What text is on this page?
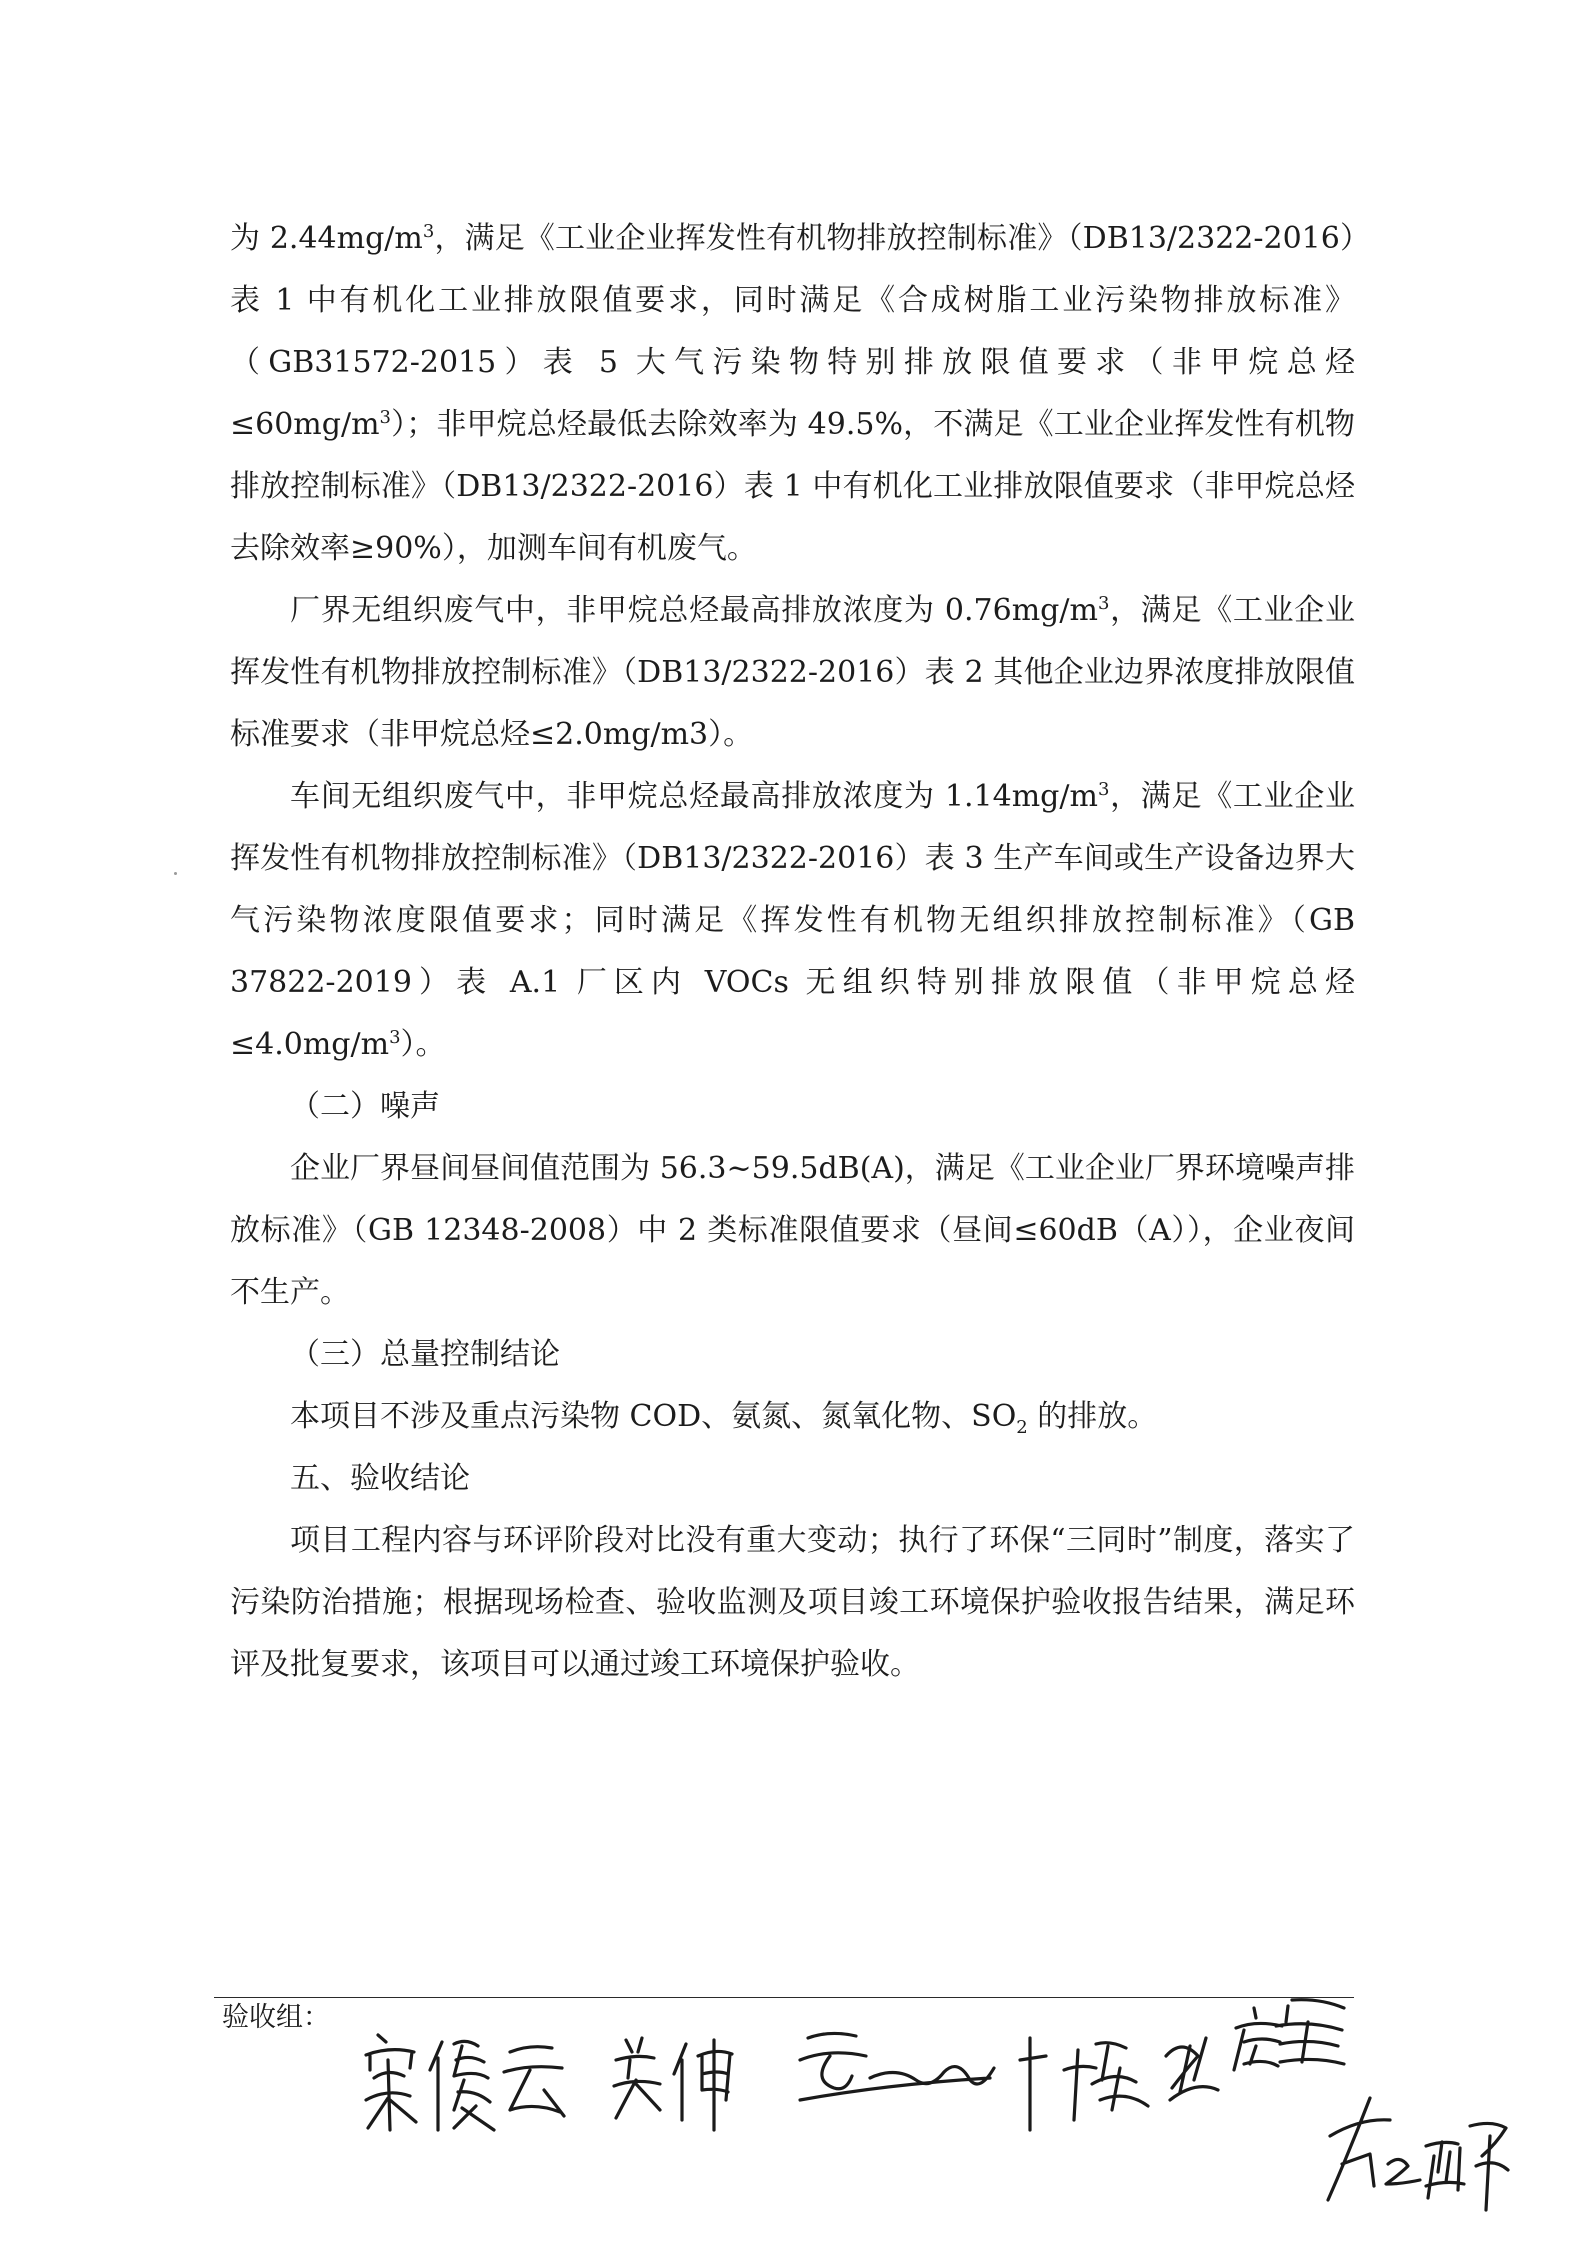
为 $2.44mg/m^3$，满足《工业企业挥发性有机物排放控制标准》（DB13/2322-2016）表 1 中有机化工业排放限值要求，同时满足《合成树脂工业污染物排放标准》（GB31572-2015）表 5 大气污染物特别排放限值要求（非甲烷总烃$\le 60mg/m^3$）；非甲烷总烃最低去除效率为 49.5%，不满足《工业企业挥发性有机物排放控制标准》（DB13/2322-2016）表 1 中有机化工业排放限值要求（非甲烷总烃去除效率≥90%），加测车间有机废气。

厂界无组织废气中，非甲烷总烃最高排放浓度为 $0.76mg/m^3$，满足《工业企业挥发性有机物排放控制标准》（DB13/2322-2016）表 2 其他企业边界浓度排放限值标准要求（非甲烷总烃≤2.0mg/m3）。

车间无组织废气中，非甲烷总烃最高排放浓度为 $1.14mg/m^3$，满足《工业企业挥发性有机物排放控制标准》（DB13/2322-2016）表 3 生产车间或生产设备边界大气污染物浓度限值要求；同时满足《挥发性有机物无组织排放控制标准》（GB 37822-2019）表 A.1 厂区内 VOCs 无组织特别排放限值（非甲烷总烃$\le 4.0mg/m^3$）。

（二）噪声

企业厂界昼间昼间值范围为 56.3~59.5dB(A)，满足《工业企业厂界环境噪声排放标准》（GB 12348-2008）中 2 类标准限值要求（昼间≤60dB（A）），企业夜间不生产。

（三）总量控制结论

本项目不涉及重点污染物 COD、氨氮、氮氧化物、$SO_2$ 的排放。

五、验收结论

项目工程内容与环评阶段对比没有重大变动；执行了环保“三同时”制度，落实了污染防治措施；根据现场检查、验收监测及项目竣工环境保护验收报告结果，满足环评及批复要求，该项目可以通过竣工环境保护验收。

验收组：
